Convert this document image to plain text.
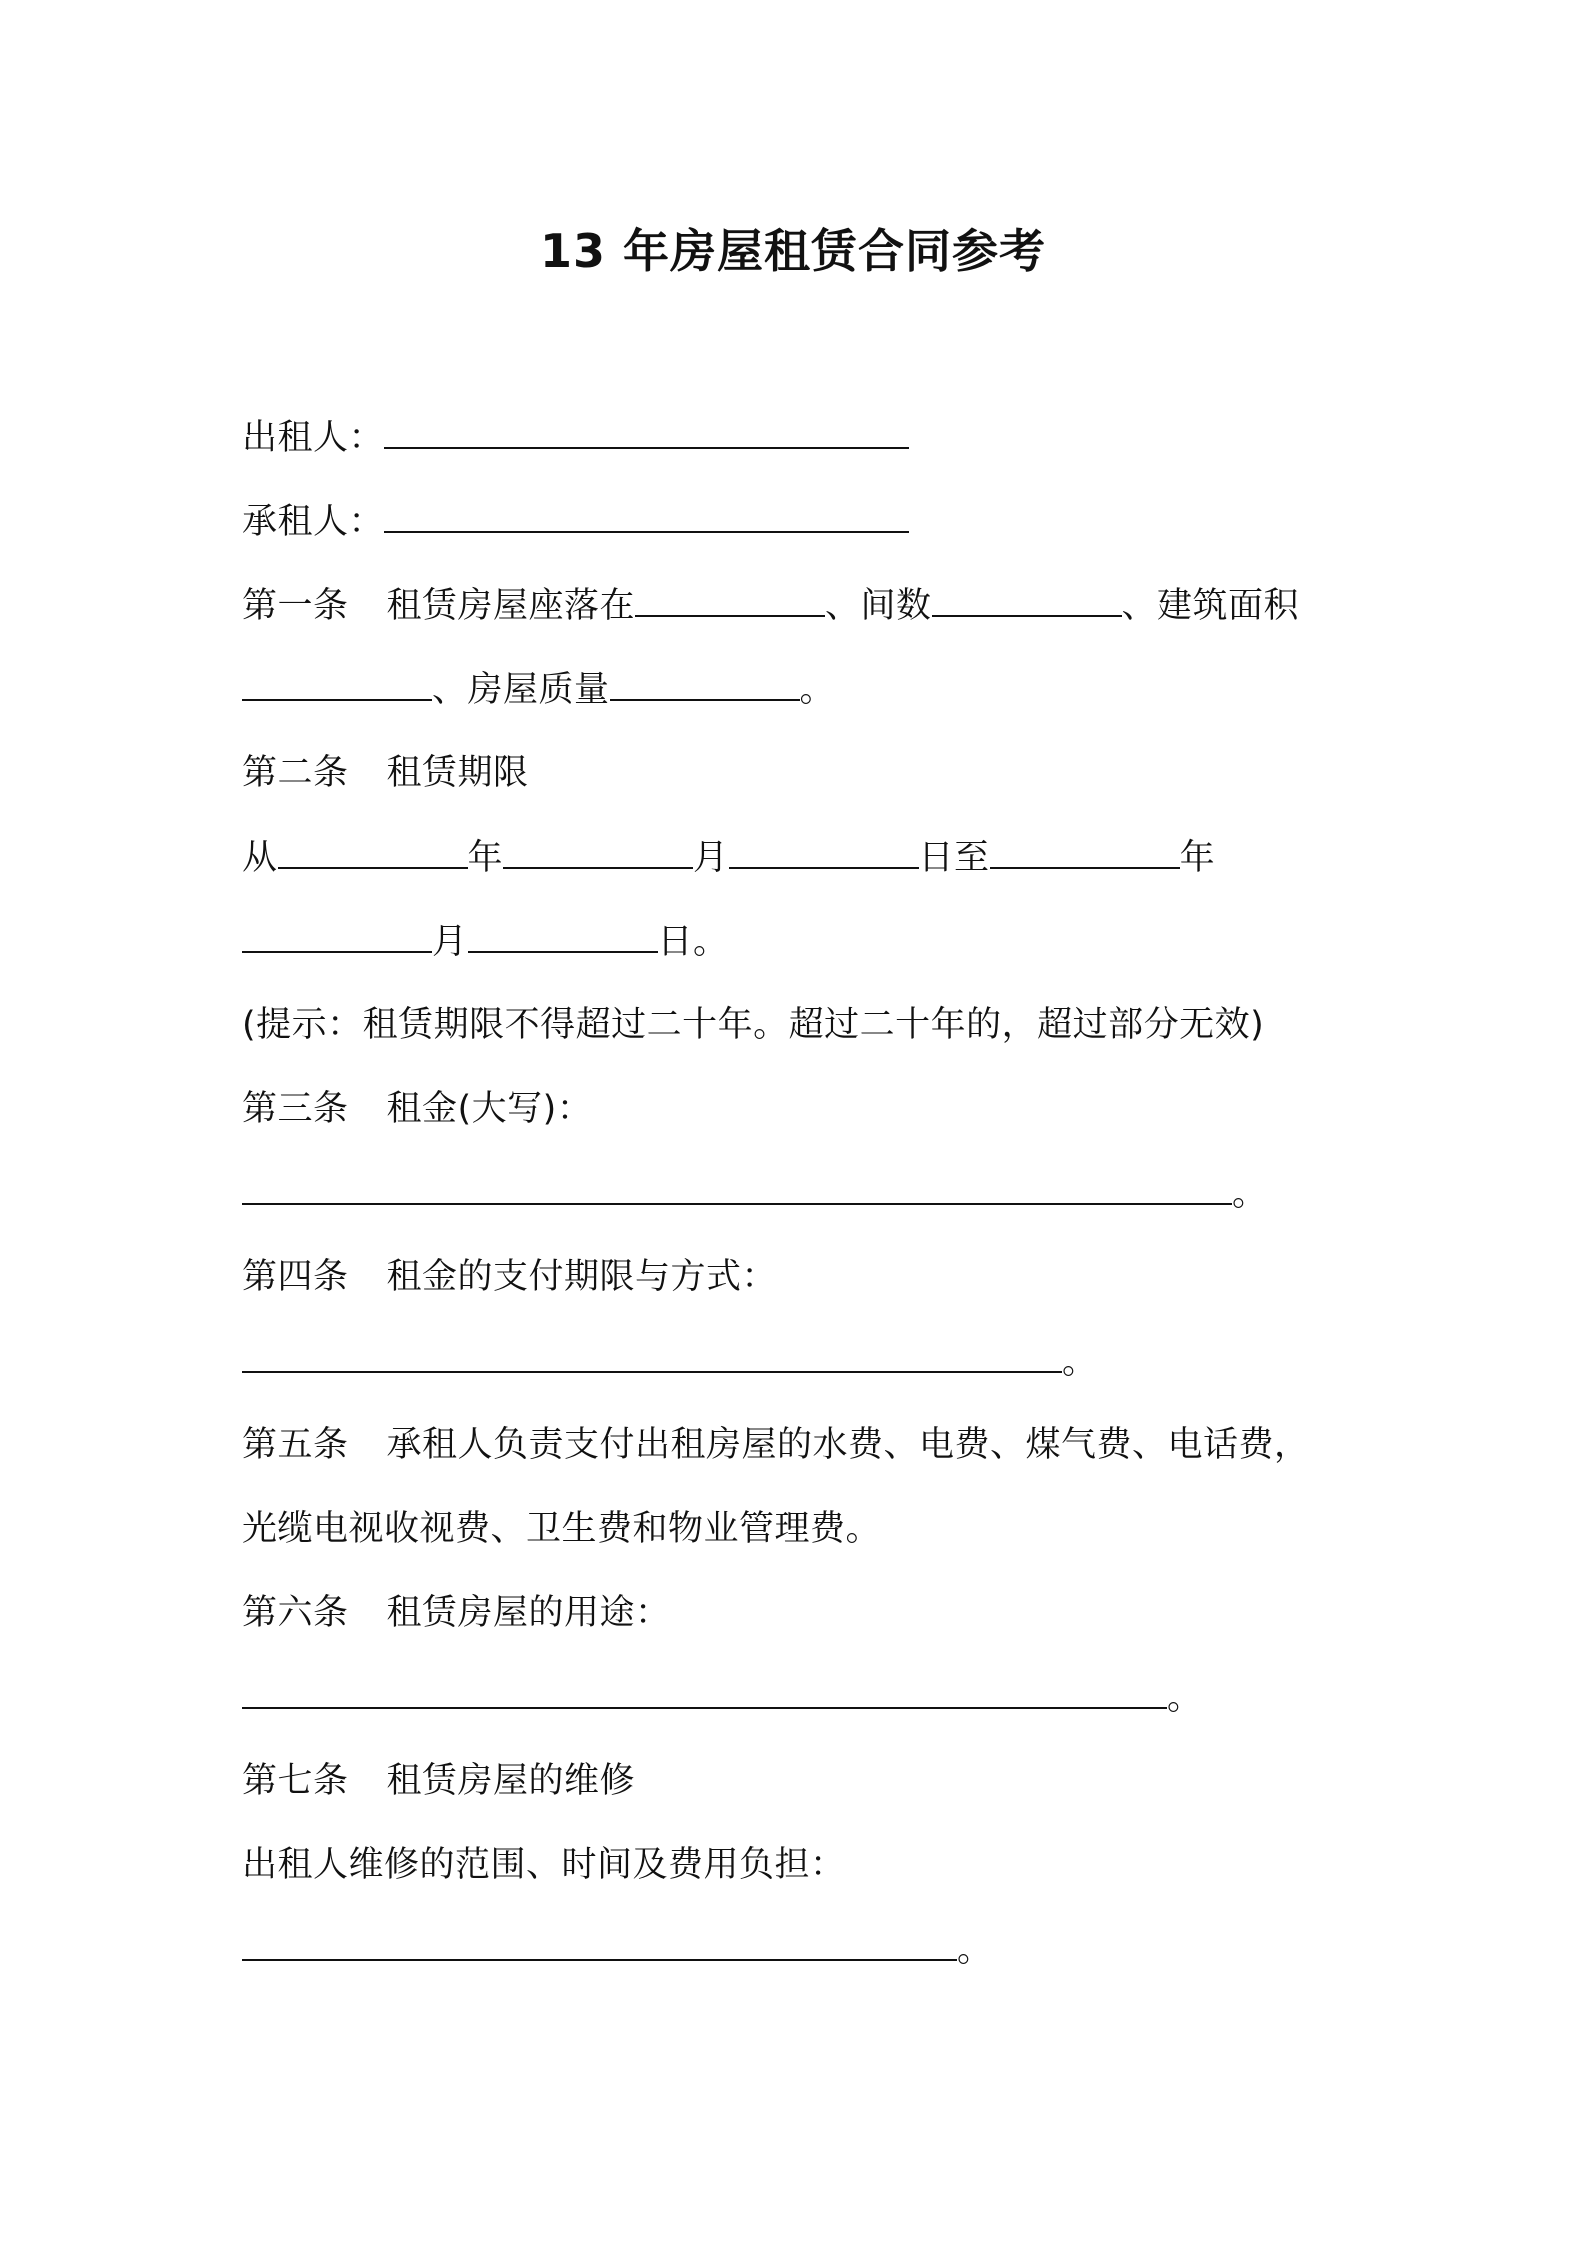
13 年房屋租赁合同参考
出租人：
承租人：
第一条 租赁房屋座落在	、间数	、建筑面积
、房屋质量	。
第二条 租赁期限
从	年	月	日至	年
月	日。
(提示：租赁期限不得超过二十年。超过二十年的，超过部分无效)
第三条 租金(大写)：
。
第四条 租金的支付期限与方式：
。
第五条 承租人负责支付出租房屋的水费、电费、煤气费、电话费，
光缆电视收视费、卫生费和物业管理费。
第六条 租赁房屋的用途：
。
第七条 租赁房屋的维修
出租人维修的范围、时间及费用负担：
。
